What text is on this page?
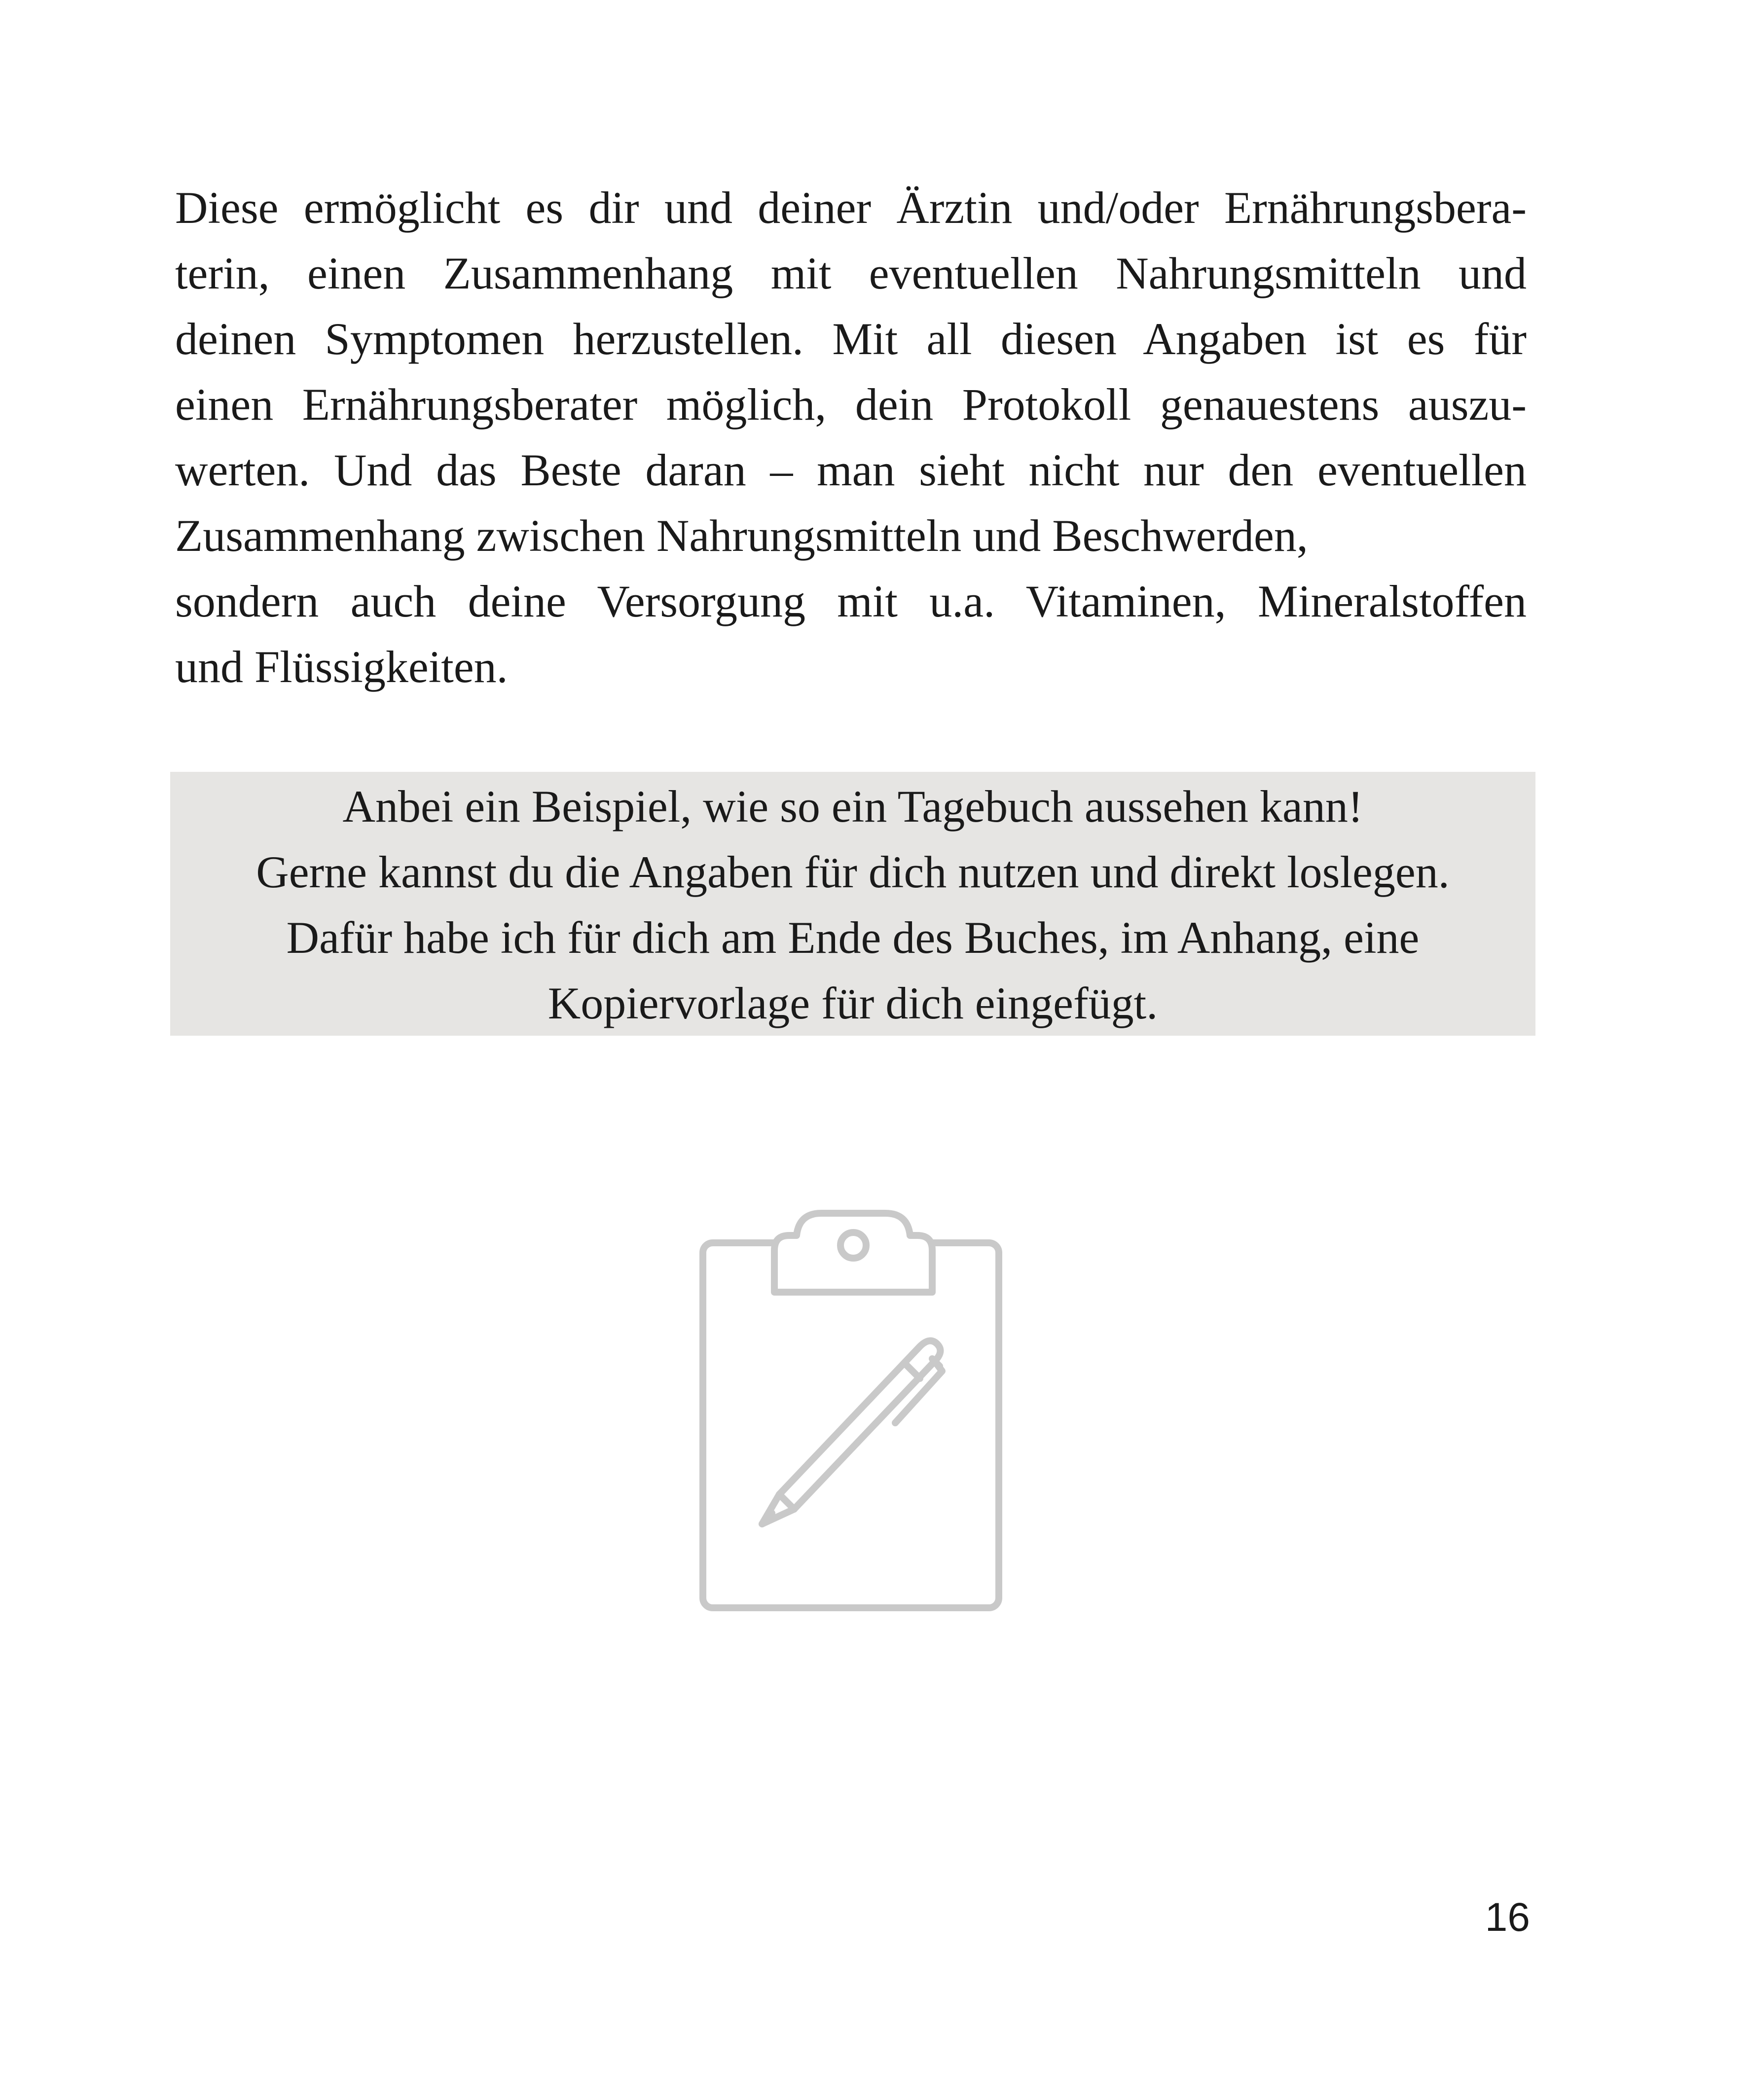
Diese ermöglicht es dir und deiner Ärztin und/oder Ernährungsbera-
terin, einen Zusammenhang mit eventuellen Nahrungsmitteln und
deinen Symptomen herzustellen. Mit all diesen Angaben ist es für
einen Ernährungsberater möglich, dein Protokoll genauestens auszu-
werten. Und das Beste daran – man sieht nicht nur den eventuellen
Zusammenhang zwischen Nahrungsmitteln und Beschwerden,
sondern auch deine Versorgung mit u.a. Vitaminen, Mineralstoffen
und Flüssigkeiten.
Anbei ein Beispiel, wie so ein Tagebuch aussehen kann!
Gerne kannst du die Angaben für dich nutzen und direkt loslegen.
Dafür habe ich für dich am Ende des Buches, im Anhang, eine
Kopiervorlage für dich eingefügt.
16
